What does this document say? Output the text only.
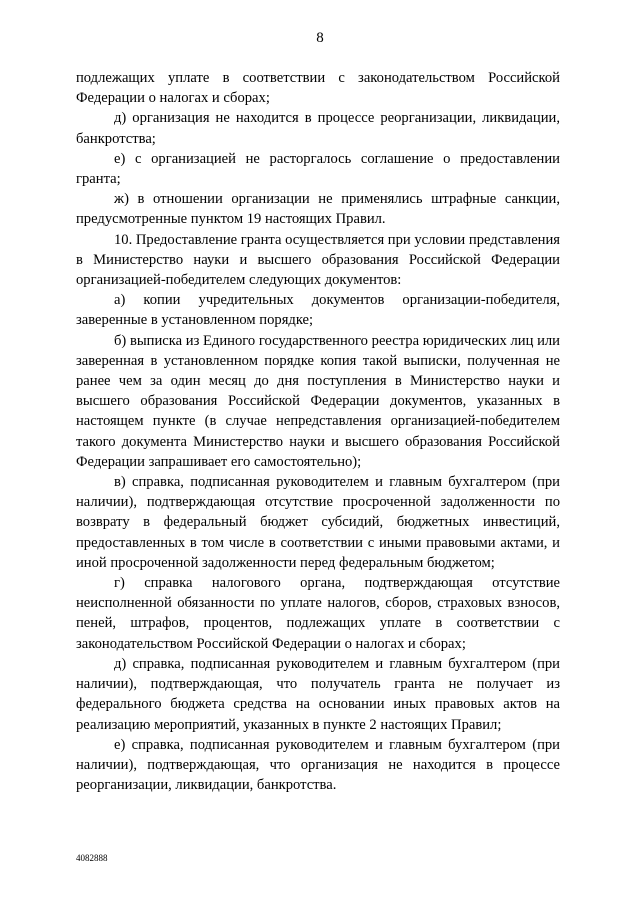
8

подлежащих уплате в соответствии с законодательством Российской Федерации о налогах и сборах;

д) организация не находится в процессе реорганизации, ликвидации, банкротства;

е) с организацией не расторгалось соглашение о предоставлении гранта;

ж) в отношении организации не применялись штрафные санкции, предусмотренные пунктом 19 настоящих Правил.

10. Предоставление гранта осуществляется при условии представления в Министерство науки и высшего образования Российской Федерации организацией-победителем следующих документов:

а) копии учредительных документов организации-победителя, заверенные в установленном порядке;

б) выписка из Единого государственного реестра юридических лиц или заверенная в установленном порядке копия такой выписки, полученная не ранее чем за один месяц до дня поступления в Министерство науки и высшего образования Российской Федерации документов, указанных в настоящем пункте (в случае непредставления организацией-победителем такого документа Министерство науки и высшего образования Российской Федерации запрашивает его самостоятельно);

в) справка, подписанная руководителем и главным бухгалтером (при наличии), подтверждающая отсутствие просроченной задолженности по возврату в федеральный бюджет субсидий, бюджетных инвестиций, предоставленных в том числе в соответствии с иными правовыми актами, и иной просроченной задолженности перед федеральным бюджетом;

г) справка налогового органа, подтверждающая отсутствие неисполненной обязанности по уплате налогов, сборов, страховых взносов, пеней, штрафов, процентов, подлежащих уплате в соответствии с законодательством Российской Федерации о налогах и сборах;

д) справка, подписанная руководителем и главным бухгалтером (при наличии), подтверждающая, что получатель гранта не получает из федерального бюджета средства на основании иных правовых актов на реализацию мероприятий, указанных в пункте 2 настоящих Правил;

е) справка, подписанная руководителем и главным бухгалтером (при наличии), подтверждающая, что организация не находится в процессе реорганизации, ликвидации, банкротства.

4082888
